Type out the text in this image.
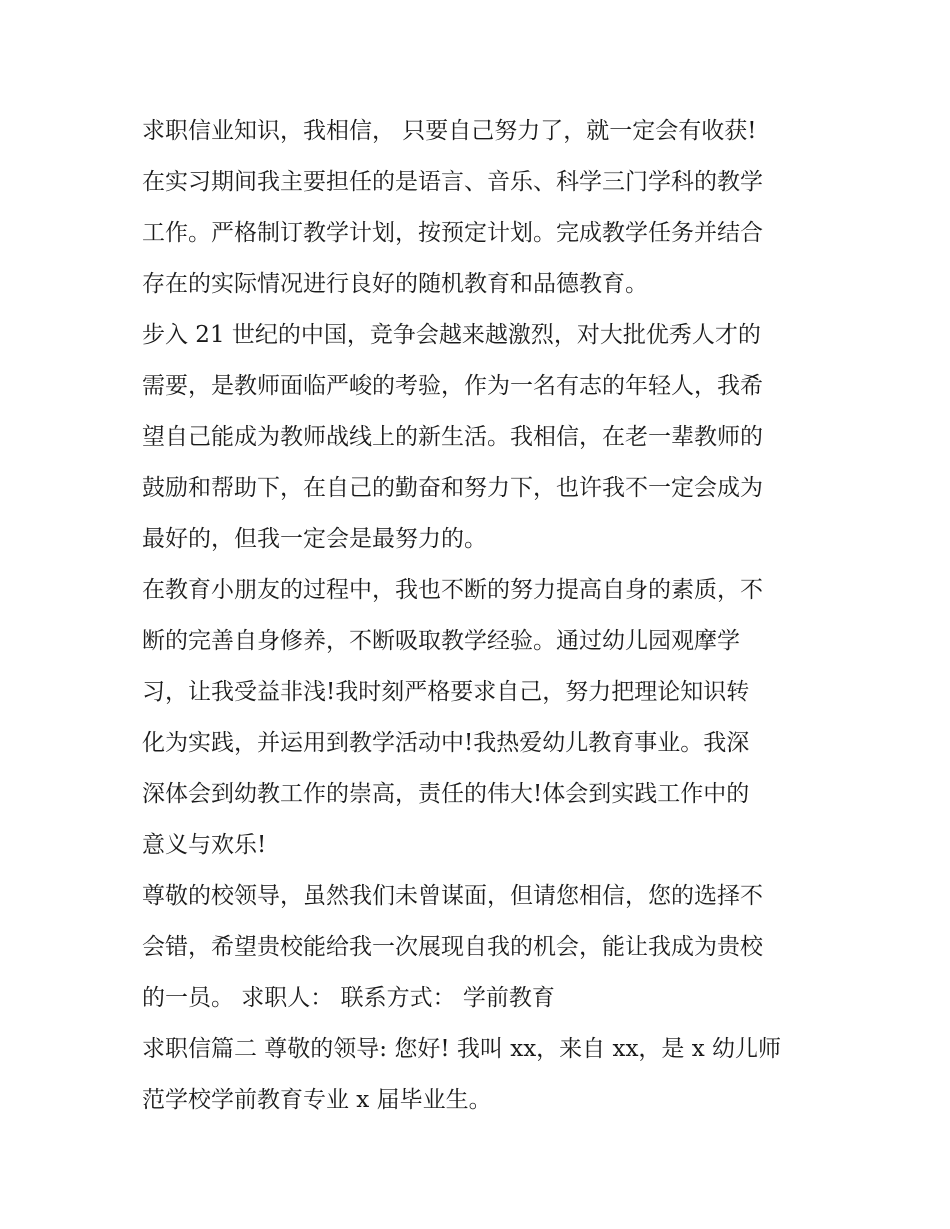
求职信业知识，我相信， 只要自己努力了，就一定会有收获!
在实习期间我主要担任的是语言、音乐、科学三门学科的教学
工作。严格制订教学计划，按预定计划。完成教学任务并结合
存在的实际情况进行良好的随机教育和品德教育。
步入 21 世纪的中国，竞争会越来越激烈，对大批优秀人才的
需要，是教师面临严峻的考验，作为一名有志的年轻人，我希
望自己能成为教师战线上的新生活。我相信，在老一辈教师的
鼓励和帮助下，在自己的勤奋和努力下，也许我不一定会成为
最好的，但我一定会是最努力的。
在教育小朋友的过程中，我也不断的努力提高自身的素质，不
断的完善自身修养，不断吸取教学经验。通过幼儿园观摩学
习，让我受益非浅!我时刻严格要求自己，努力把理论知识转
化为实践，并运用到教学活动中!我热爱幼儿教育事业。我深
深体会到幼教工作的崇高，责任的伟大!体会到实践工作中的
意义与欢乐!
尊敬的校领导，虽然我们未曾谋面，但请您相信，您的选择不
会错，希望贵校能给我一次展现自我的机会，能让我成为贵校
的一员。 求职人： 联系方式： 学前教育
求职信篇二 尊敬的领导: 您好! 我叫 xx，来自 xx，是 x 幼儿师
范学校学前教育专业 x 届毕业生。
